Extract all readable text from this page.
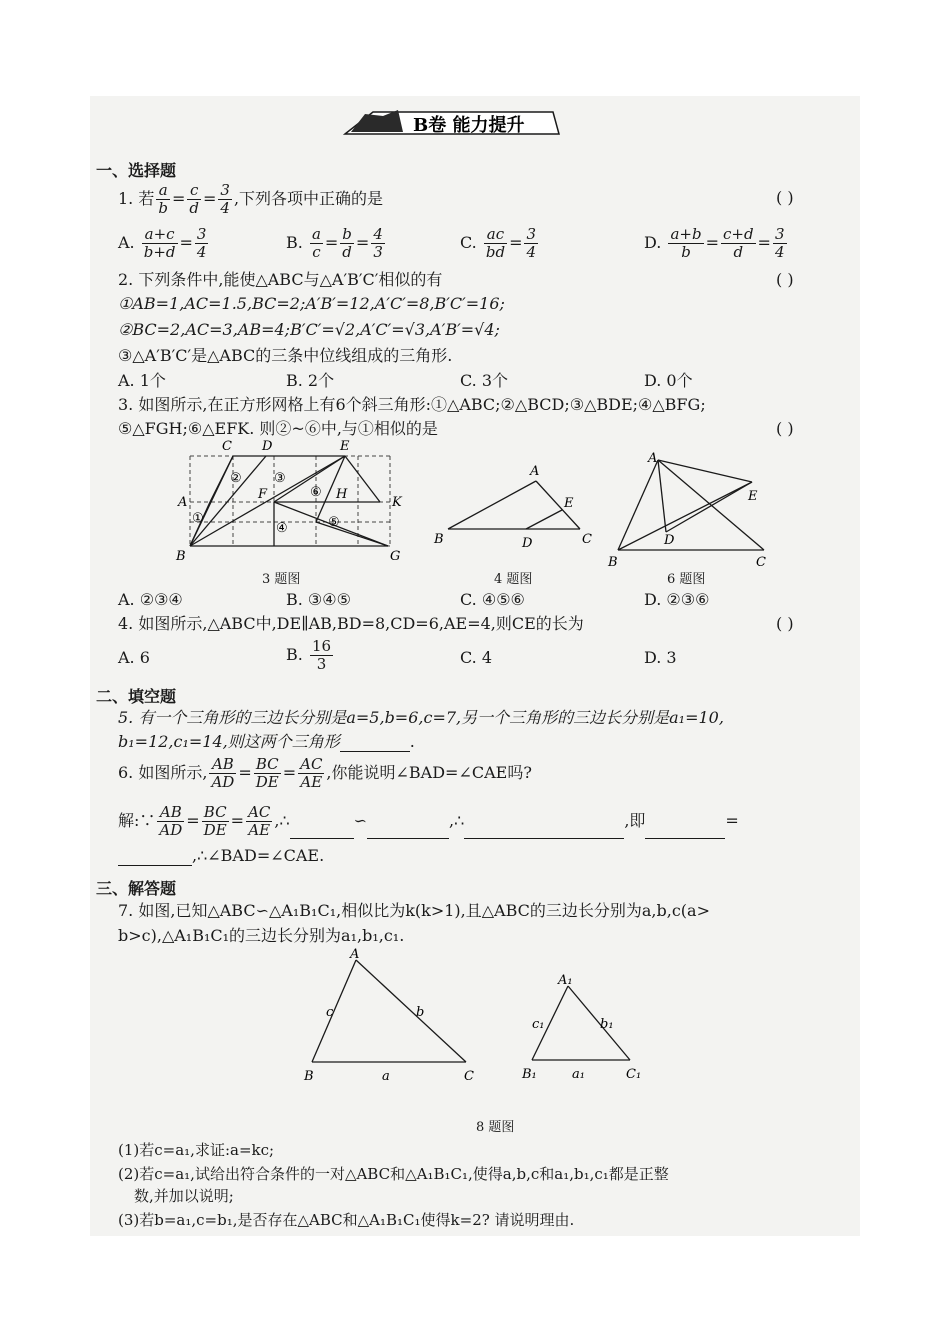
B卷 能力提升
一、选择题
1. 若 $\frac{a}{b} = \frac{c}{d} = \frac{3}{4}$ ,下列各项中正确的是	( )
A. $\frac{a+c}{b+d} = \frac{3}{4}$	B. $\frac{a}{c} = \frac{b}{d} = \frac{4}{3}$	C. $\frac{ac}{bd} = \frac{3}{4}$	D. $\frac{a+b}{b} = \frac{c+d}{d} = \frac{3}{4}$
2. 下列条件中,能使△ABC与△A′B′C′相似的有	( )
①AB=1,AC=1.5,BC=2;A′B′=12,A′C′=8,B′C′=16;
②BC=2,AC=3,AB=4;B′C′=√2,A′C′=√3,A′B′=√4;
③△A′B′C′是△ABC的三条中位线组成的三角形.
A. 1个	B. 2个	C. 3个	D. 0个
3. 如图所示,在正方形网格上有6个斜三角形:①△ABC;②△BCD;③△BDE;④△BFG;
⑤△FGH;⑥△EFK. 则②~⑥中,与①相似的是	( )
C D	E
A
F	H
K
B	G
①
② ③
④	⑤
⑥
3 题图
A
B	C
D
E
4 题图
A
B	C
D
E
6 题图
A. ②③④	B. ③④⑤	C. ④⑤⑥	D. ②③⑥
4. 如图所示,△ABC中,DE∥AB,BD=8,CD=6,AE=4,则CE的长为	( )
A. 6	B. $\frac{16}{3}$	C. 4	D. 3
二、填空题
5. 有一个三角形的三边长分别是a=5,b=6,c=7,另一个三角形的三边长分别是a₁=10,
b₁=12,c₁=14,则这两个三角形	.
6. 如图所示, $\frac{AB}{AD} = \frac{BC}{DE} = \frac{AC}{AE}$ ,你能说明∠BAD=∠CAE吗?
解:∵ $\frac{AB}{AD} = \frac{BC}{DE} = \frac{AC}{AE}$ ,∴	∽	,∴	,即	=
,∴∠BAD=∠CAE.
三、解答题
7. 如图,已知△ABC∽△A₁B₁C₁,相似比为k(k>1),且△ABC的三边长分别为a,b,c(a>
b>c),△A₁B₁C₁的三边长分别为a₁,b₁,c₁.
A
B	C
c	b
a
A₁
B₁	C₁
c₁	b₁
a₁
8 题图
(1)若c=a₁,求证:a=kc;
(2)若c=a₁,试给出符合条件的一对△ABC和△A₁B₁C₁,使得a,b,c和a₁,b₁,c₁都是正整
数,并加以说明;
(3)若b=a₁,c=b₁,是否存在△ABC和△A₁B₁C₁使得k=2? 请说明理由.
